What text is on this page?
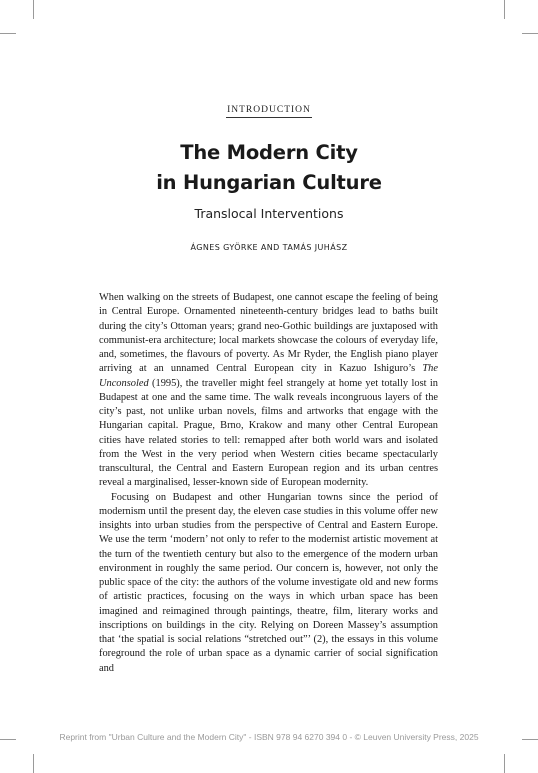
INTRODUCTION
The Modern City
in Hungarian Culture
Translocal Interventions
ÁGNES GYÖRKE AND TAMÁS JUHÁSZ

When walking on the streets of Budapest, one cannot escape the feeling of being in Central Europe. Ornamented nineteenth-century bridges lead to baths built during the city’s Ottoman years; grand neo-Gothic buildings are juxtaposed with communist-era architecture; local markets showcase the colours of everyday life, and, sometimes, the flavours of poverty. As Mr Ryder, the English piano player arriving at an unnamed Central European city in Kazuo Ishiguro’s The Unconsoled (1995), the traveller might feel strangely at home yet totally lost in Budapest at one and the same time. The walk reveals incongruous layers of the city’s past, not unlike urban novels, films and artworks that engage with the Hungarian capital. Prague, Brno, Krakow and many other Central European cities have related stories to tell: remapped after both world wars and isolated from the West in the very period when Western cities became spectacularly transcultural, the Central and Eastern European region and its urban centres reveal a marginalised, lesser-known side of European modernity.

Focusing on Budapest and other Hungarian towns since the period of modernism until the present day, the eleven case studies in this volume offer new insights into urban studies from the perspective of Central and Eastern Europe. We use the term ‘modern’ not only to refer to the modernist artistic movement at the turn of the twentieth century but also to the emergence of the modern urban environment in roughly the same period. Our concern is, however, not only the public space of the city: the authors of the volume investigate old and new forms of artistic practices, focusing on the ways in which urban space has been imagined and reimagined through paintings, theatre, film, literary works and inscriptions on buildings in the city. Relying on Doreen Massey’s assumption that ‘the spatial is social relations “stretched out”’ (2), the essays in this volume foreground the role of urban space as a dynamic carrier of social signification and

Reprint from "Urban Culture and the Modern City" - ISBN 978 94 6270 394 0 - © Leuven University Press, 2025
